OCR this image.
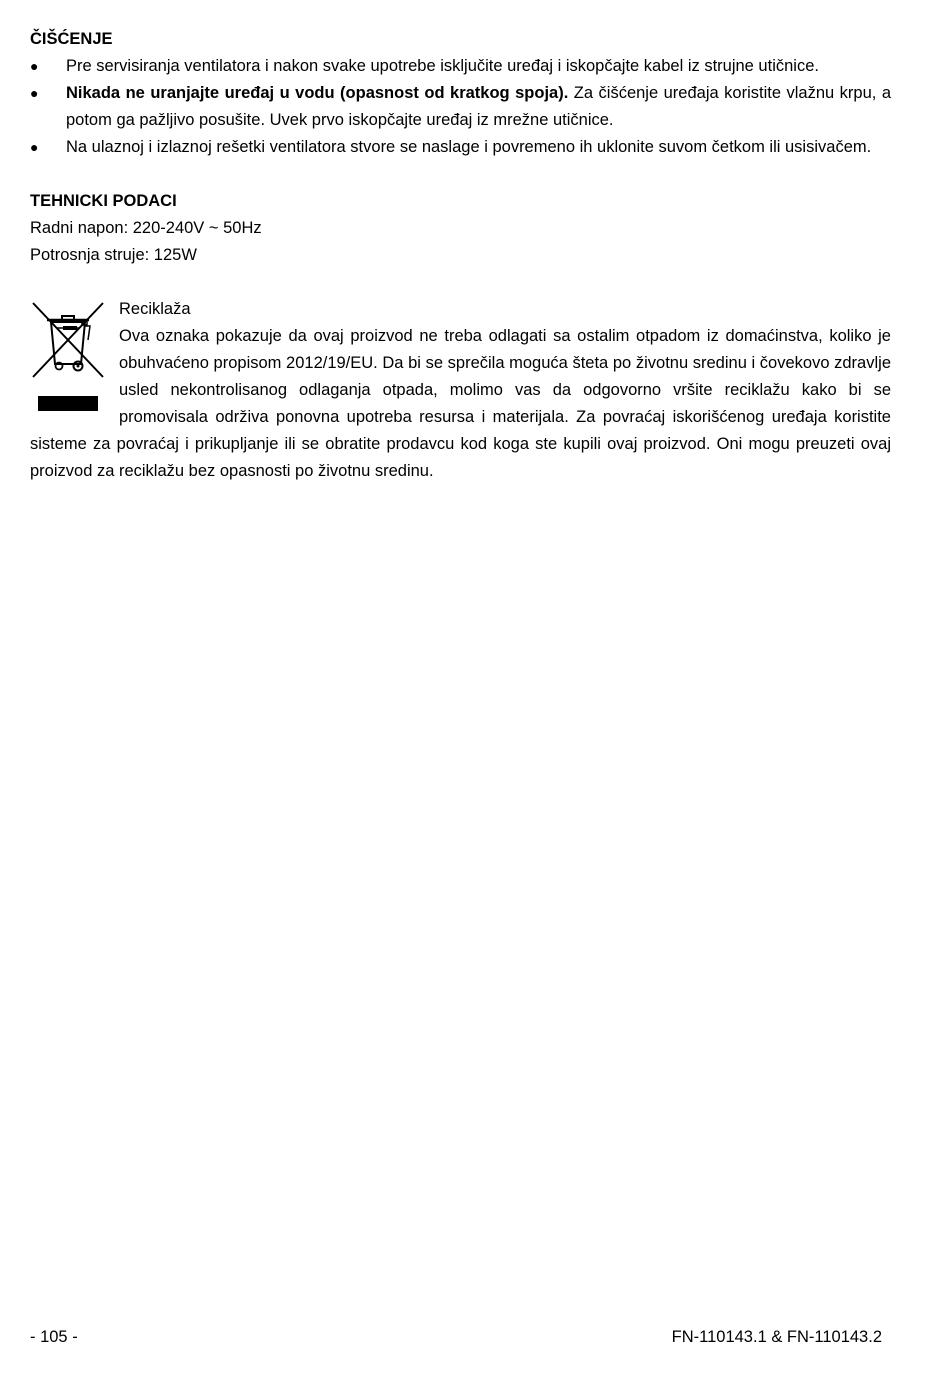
ČIŠĆENJE

● Pre servisiranja ventilatora i nakon svake upotrebe isključite uređaj i iskopčajte kabel iz strujne utičnice.
● Nikada ne uranjajte uređaj u vodu (opasnost od kratkog spoja). Za čišćenje uređaja koristite vlažnu krpu, a potom ga pažljivo posušite. Uvek prvo iskopčajte uređaj iz mrežne utičnice.
● Na ulaznoj i izlaznoj rešetki ventilatora stvore se naslage i povremeno ih uklonite suvom četkom ili usisivačem.

TEHNICKI PODACI

Radni napon: 220-240V ~ 50Hz

Potrosnja struje: 125W

Reciklaža
Ova oznaka pokazuje da ovaj proizvod ne treba odlagati sa ostalim otpadom iz domaćinstva, koliko je obuhvaćeno propisom 2012/19/EU. Da bi se sprečila moguća šteta po životnu sredinu i čovekovo zdravlje usled nekontrolisanog odlaganja otpada, molimo vas da odgovorno vršite reciklažu kako bi se promovisala održiva ponovna upotreba resursa i materijala. Za povraćaj iskorišćenog uređaja koristite sisteme za povraćaj i prikupljanje ili se obratite prodavcu kod koga ste kupili ovaj proizvod. Oni mogu preuzeti ovaj proizvod za reciklažu bez opasnosti po životnu sredinu.
- 105 -	FN-110143.1 & FN-110143.2
